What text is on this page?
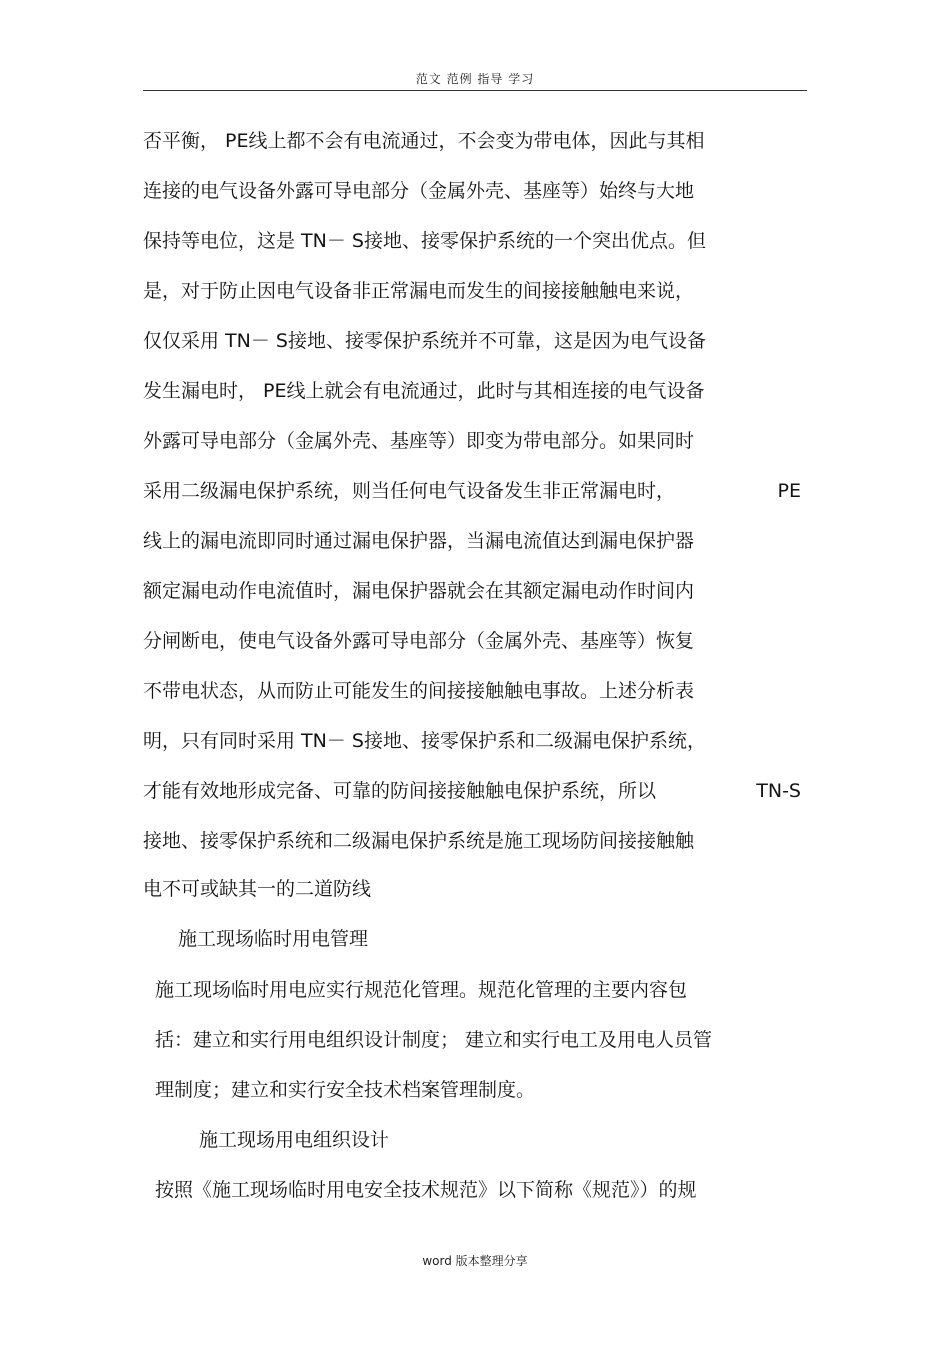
范文 范例 指导 学习
否平衡， PE线上都不会有电流通过，不会变为带电体，因此与其相
连接的电气设备外露可导电部分（金属外壳、基座等）始终与大地
保持等电位，这是 TN－ S接地、接零保护系统的一个突出优点。但
是，对于防止因电气设备非正常漏电而发生的间接接触触电来说，
仅仅采用 TN－ S接地、接零保护系统并不可靠，这是因为电气设备
发生漏电时， PE线上就会有电流通过，此时与其相连接的电气设备
外露可导电部分（金属外壳、基座等）即变为带电部分。如果同时
采用二级漏电保护系统，则当任何电气设备发生非正常漏电时，	PE
线上的漏电流即同时通过漏电保护器，当漏电流值达到漏电保护器
额定漏电动作电流值时，漏电保护器就会在其额定漏电动作时间内
分闸断电，使电气设备外露可导电部分（金属外壳、基座等）恢复
不带电状态，从而防止可能发生的间接接触触电事故。上述分析表
明，只有同时采用 TN－ S接地、接零保护系和二级漏电保护系统，
才能有效地形成完备、可靠的防间接接触触电保护系统，所以	TN-S
接地、接零保护系统和二级漏电保护系统是施工现场防间接接触触
电不可或缺其一的二道防线
施工现场临时用电管理
施工现场临时用电应实行规范化管理。规范化管理的主要内容包
括：建立和实行用电组织设计制度； 建立和实行电工及用电人员管
理制度；建立和实行安全技术档案管理制度。
施工现场用电组织设计
按照《施工现场临时用电安全技术规范》以下简称《规范》）的规
word 版本整理分享
